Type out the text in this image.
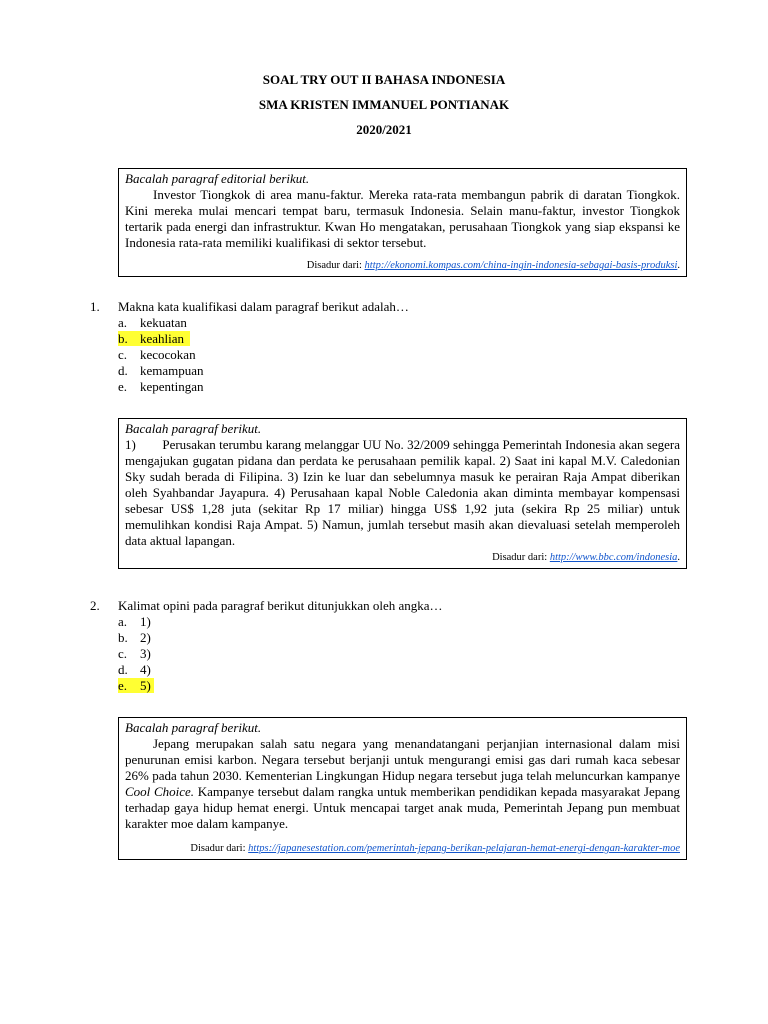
SOAL TRY OUT II BAHASA INDONESIA
SMA KRISTEN IMMANUEL PONTIANAK
2020/2021

Bacalah paragraf editorial berikut.

Investor Tiongkok di area manu-faktur. Mereka rata-rata membangun pabrik di daratan Tiongkok. Kini mereka mulai mencari tempat baru, termasuk Indonesia. Selain manu-faktur, investor Tiongkok tertarik pada energi dan infrastruktur. Kwan Ho mengatakan, perusahaan Tiongkok yang siap ekspansi ke Indonesia rata-rata memiliki kualifikasi di sektor tersebut.

Disadur dari: http://ekonomi.kompas.com/china-ingin-indonesia-sebagai-basis-produksi.
1. Makna kata kualifikasi dalam paragraf berikut adalah…
a. kekuatan
b. keahlian
c. kecocokan
d. kemampuan
e. kepentingan

Bacalah paragraf berikut.

1)        Perusakan terumbu karang melanggar UU No. 32/2009 sehingga Pemerintah Indonesia akan segera mengajukan gugatan pidana dan perdata ke perusahaan pemilik kapal. 2) Saat ini kapal M.V. Caledonian Sky sudah berada di Filipina. 3) Izin ke luar dan sebelumnya masuk ke perairan Raja Ampat diberikan oleh Syahbandar Jayapura. 4) Perusahaan kapal Noble Caledonia akan diminta membayar kompensasi sebesar US$ 1,28 juta (sekitar Rp 17 miliar) hingga US$ 1,92 juta (sekira Rp 25 miliar) untuk memulihkan kondisi Raja Ampat. 5) Namun, jumlah tersebut masih akan dievaluasi setelah memperoleh data aktual lapangan.

Disadur dari: http://www.bbc.com/indonesia.
2. Kalimat opini pada paragraf berikut ditunjukkan oleh angka…
a. 1)
b. 2)
c. 3)
d. 4)
e. 5)

Bacalah paragraf berikut.

Jepang merupakan salah satu negara yang menandatangani perjanjian internasional dalam misi penurunan emisi karbon. Negara tersebut berjanji untuk mengurangi emisi gas dari rumah kaca sebesar 26% pada tahun 2030. Kementerian Lingkungan Hidup negara tersebut juga telah meluncurkan kampanye Cool Choice. Kampanye tersebut dalam rangka untuk memberikan pendidikan kepada masyarakat Jepang terhadap gaya hidup hemat energi. Untuk mencapai target anak muda, Pemerintah Jepang pun membuat karakter moe dalam kampanye.

Disadur dari: https://japanesestation.com/pemerintah-jepang-berikan-pelajaran-hemat-energi-dengan-karakter-moe
